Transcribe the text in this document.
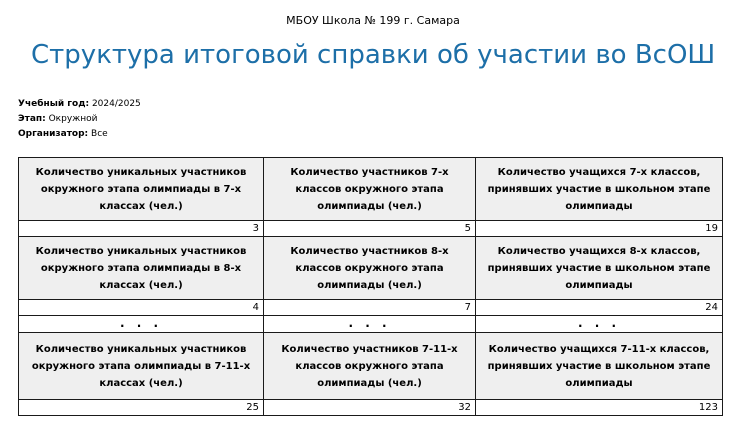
МБОУ Школа № 199 г. Самара
Структура итоговой справки об участии во ВсОШ
Учебный год: 2024/2025
Этап: Окружной
Организатор: Все
Количество уникальных участников окружного этапа олимпиады в 7-х классах (чел.)	Количество участников 7-х классов окружного этапа олимпиады (чел.)	Количество учащихся 7-х классов, принявших участие в школьном этапе олимпиады
3	5	19
Количество уникальных участников окружного этапа олимпиады в 8-х классах (чел.)	Количество участников 8-х классов окружного этапа олимпиады (чел.)	Количество учащихся 8-х классов, принявших участие в школьном этапе олимпиады
4	7	24
· · ·	· · ·	· · ·
Количество уникальных участников окружного этапа олимпиады в 7-11-х классах (чел.)	Количество участников 7-11-х классов окружного этапа олимпиады (чел.)	Количество учащихся 7-11-х классов, принявших участие в школьном этапе олимпиады
25	32	123
